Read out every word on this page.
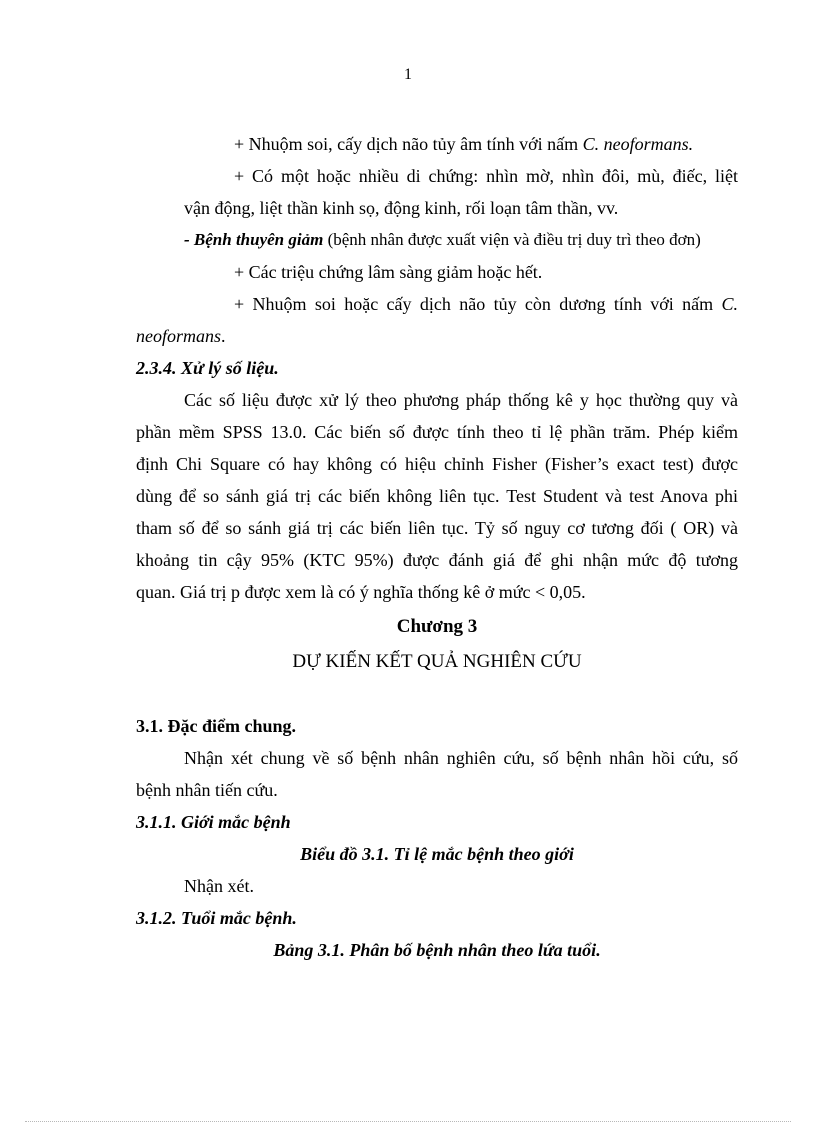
1

+ Nhuộm soi, cấy dịch não tủy âm tính với nấm C. neoformans.

+ Có một hoặc nhiều di chứng: nhìn mờ, nhìn đôi, mù, điếc, liệt

vận động, liệt thần kinh sọ, động kinh, rối loạn tâm thần, vv.

- Bệnh thuyên giảm (bệnh nhân được xuất viện và điều trị duy trì theo đơn)

+ Các triệu chứng lâm sàng giảm hoặc hết.

+ Nhuộm soi hoặc cấy dịch não tủy còn dương tính với nấm C.

neoformans.

2.3.4. Xử lý số liệu.

Các số liệu được xử lý theo phương pháp thống kê y học thường quy và

phần mềm SPSS 13.0. Các biến số được tính theo tỉ lệ phần trăm. Phép kiểm

định Chi Square có hay không có hiệu chỉnh Fisher (Fisher’s exact test) được

dùng để so sánh giá trị các biến không liên tục. Test Student và test Anova phi

tham số để so sánh giá trị các biến liên tục. Tỷ số nguy cơ tương đối ( OR) và

khoảng tin cậy 95% (KTC 95%) được đánh giá để ghi nhận mức độ tương

quan. Giá trị p được xem là có ý nghĩa thống kê ở mức < 0,05.

Chương 3

DỰ KIẾN KẾT QUẢ NGHIÊN CỨU

3.1. Đặc điểm chung.

Nhận xét chung về số bệnh nhân nghiên cứu, số bệnh nhân hồi cứu, số

bệnh nhân tiến cứu.

3.1.1. Giới mắc bệnh

Biểu đồ 3.1. Tỉ lệ mắc bệnh theo giới

Nhận xét.

3.1.2. Tuổi mắc bệnh.

Bảng 3.1. Phân bố bệnh nhân theo lứa tuổi.
